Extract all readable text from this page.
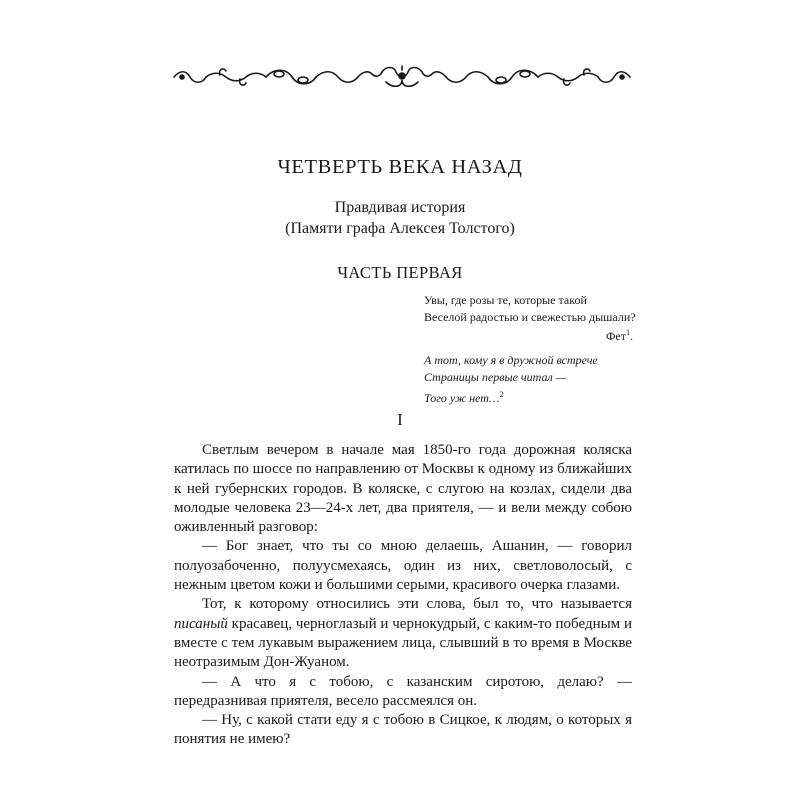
ЧЕТВЕРТЬ ВЕКА НАЗАД
Правдивая история
(Памяти графа Алексея Толстого)
ЧАСТЬ ПЕРВАЯ
Увы, где розы те, которые такой
Веселой радостью и свежестью дышали?
Фет$^1$.
А тот, кому я в дружной встрече
Страницы первые читал —
Того уж нет…$^2$
I

Светлым вечером в начале мая 1850-го года дорожная коляска катилась по шоссе по направлению от Москвы к одному из ближайших к ней губернских городов. В коляске, с слугою на козлах, сидели два молодые человека 23—24-х лет, два приятеля, — и вели между собою оживленный разговор:

— Бог знает, что ты со мною делаешь, Ашанин, — говорил полуозабоченно, полуусмехаясь, один из них, светловолосый, с нежным цветом кожи и большими серыми, красивого очерка глазами.

Тот, к которому относились эти слова, был то, что называется писаный красавец, черноглазый и чернокудрый, с каким-то победным и вместе с тем лукавым выражением лица, слывший в то время в Москве неотразимым Дон-Жуаном.

— А что я с тобою, с казанским сиротою, делаю? — передразнивая приятеля, весело рассмеялся он.

— Ну, с какой стати еду я с тобою в Сицкое, к людям, о которых я понятия не имею?
